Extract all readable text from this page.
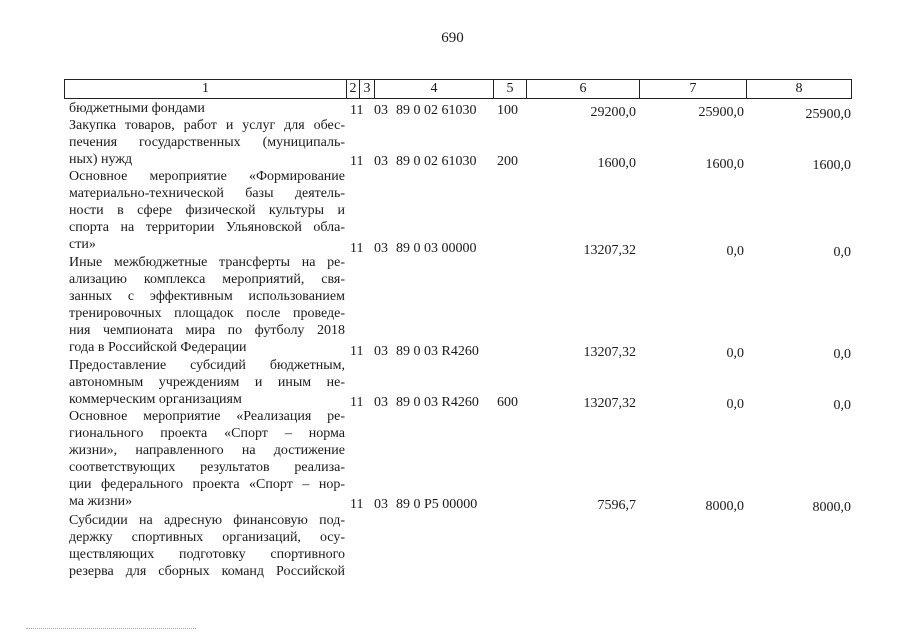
690
1	2 3	4	5	6	7	8
бюджетными фондами	11 03 89 0 02 61030 100	29200,0	25900,0	25900,0
Закупка товаров, работ и услуг для обес-
печения государственных (муниципаль-
ных) нужд	11 03 89 0 02 61030 200	1600,0	1600,0	1600,0
Основное мероприятие «Формирование
материально-технической базы деятель-
ности в сфере физической культуры и
спорта на территории Ульяновской обла-
сти»	11 03 89 0 03 00000	13207,32	0,0	0,0
Иные межбюджетные трансферты на ре-
ализацию комплекса мероприятий, свя-
занных с эффективным использованием
тренировочных площадок после проведе-
ния чемпионата мира по футболу 2018
года в Российской Федерации	11 03 89 0 03 R4260	13207,32	0,0	0,0
Предоставление субсидий бюджетным,
автономным учреждениям и иным не-
коммерческим организациям	11 03 89 0 03 R4260 600	13207,32	0,0	0,0
Основное мероприятие «Реализация ре-
гионального проекта «Спорт – норма
жизни», направленного на достижение
соответствующих результатов реализа-
ции федерального проекта «Спорт – нор-
ма жизни»	11 03 89 0 P5 00000	7596,7	8000,0	8000,0
Субсидии на адресную финансовую под-
держку спортивных организаций, осу-
ществляющих подготовку спортивного
резерва для сборных команд Российской
